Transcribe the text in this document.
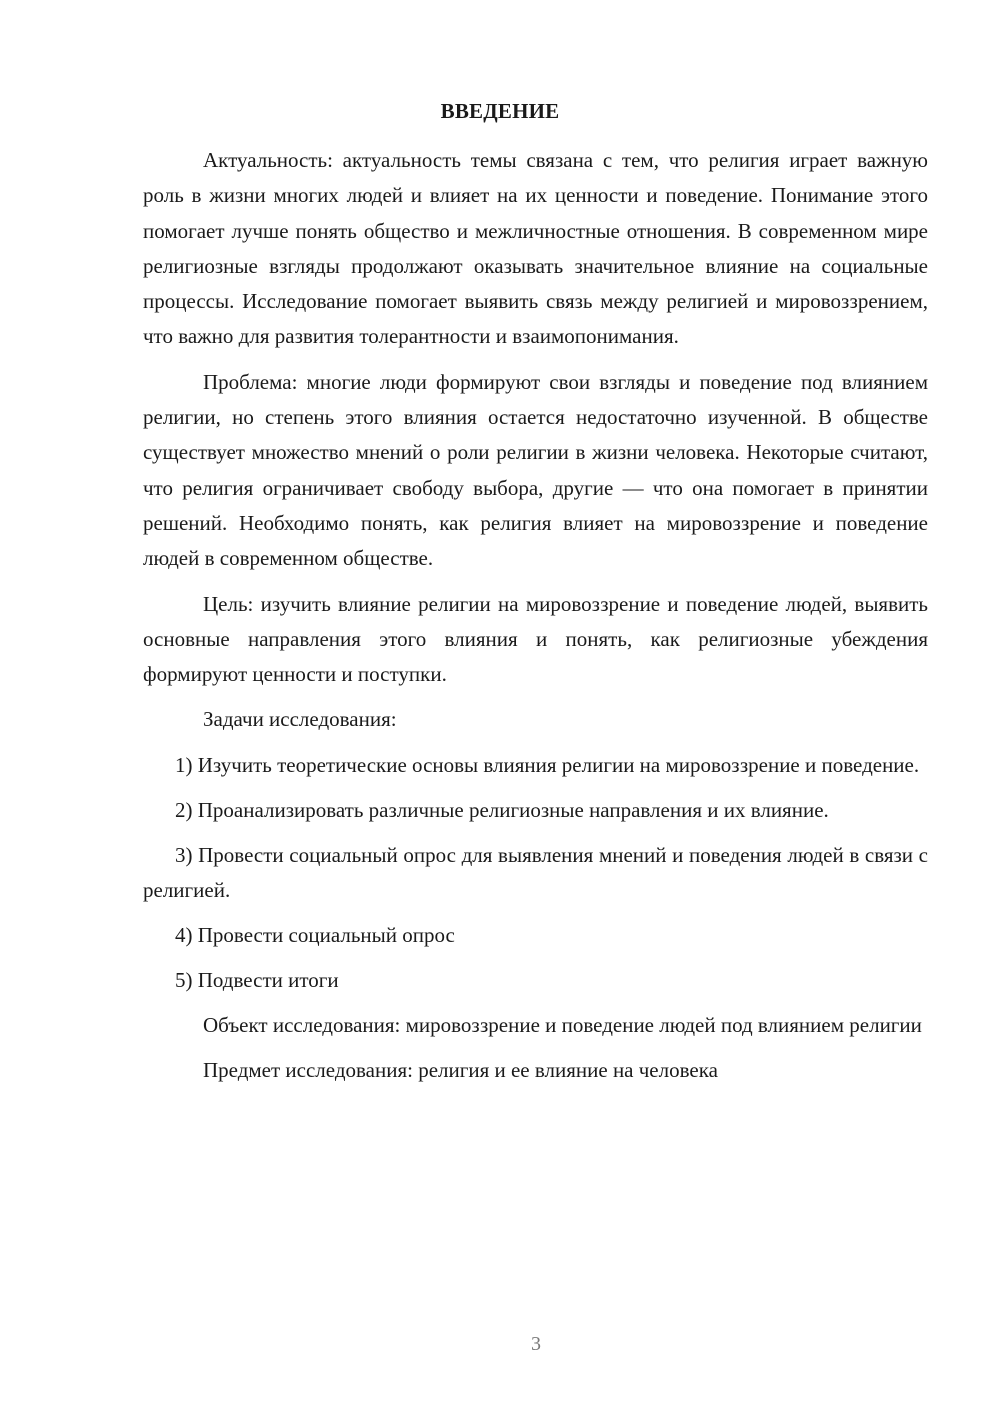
ВВЕДЕНИЕ

Актуальность: актуальность темы связана с тем, что религия играет важную роль в жизни многих людей и влияет на их ценности и поведение. Понимание этого помогает лучше понять общество и межличностные отношения. В современном мире религиозные взгляды продолжают оказывать значительное влияние на социальные процессы. Исследование помогает выявить связь между религией и мировоззрением, что важно для развития толерантности и взаимопонимания.

Проблема: многие люди формируют свои взгляды и поведение под влиянием религии, но степень этого влияния остается недостаточно изученной. В обществе существует множество мнений о роли религии в жизни человека. Некоторые считают, что религия ограничивает свободу выбора, другие — что она помогает в принятии решений. Необходимо понять, как религия влияет на мировоззрение и поведение людей в современном обществе.

Цель: изучить влияние религии на мировоззрение и поведение людей, выявить основные направления этого влияния и понять, как религиозные убеждения формируют ценности и поступки.

Задачи исследования:

1) Изучить теоретические основы влияния религии на мировоззрение и поведение.

2) Проанализировать различные религиозные направления и их влияние.

3) Провести социальный опрос для выявления мнений и поведения людей в связи с религией.

4) Провести социальный опрос

5) Подвести итоги

Объект исследования: мировоззрение и поведение людей под влиянием религии

Предмет исследования: религия и ее влияние на человека

3
